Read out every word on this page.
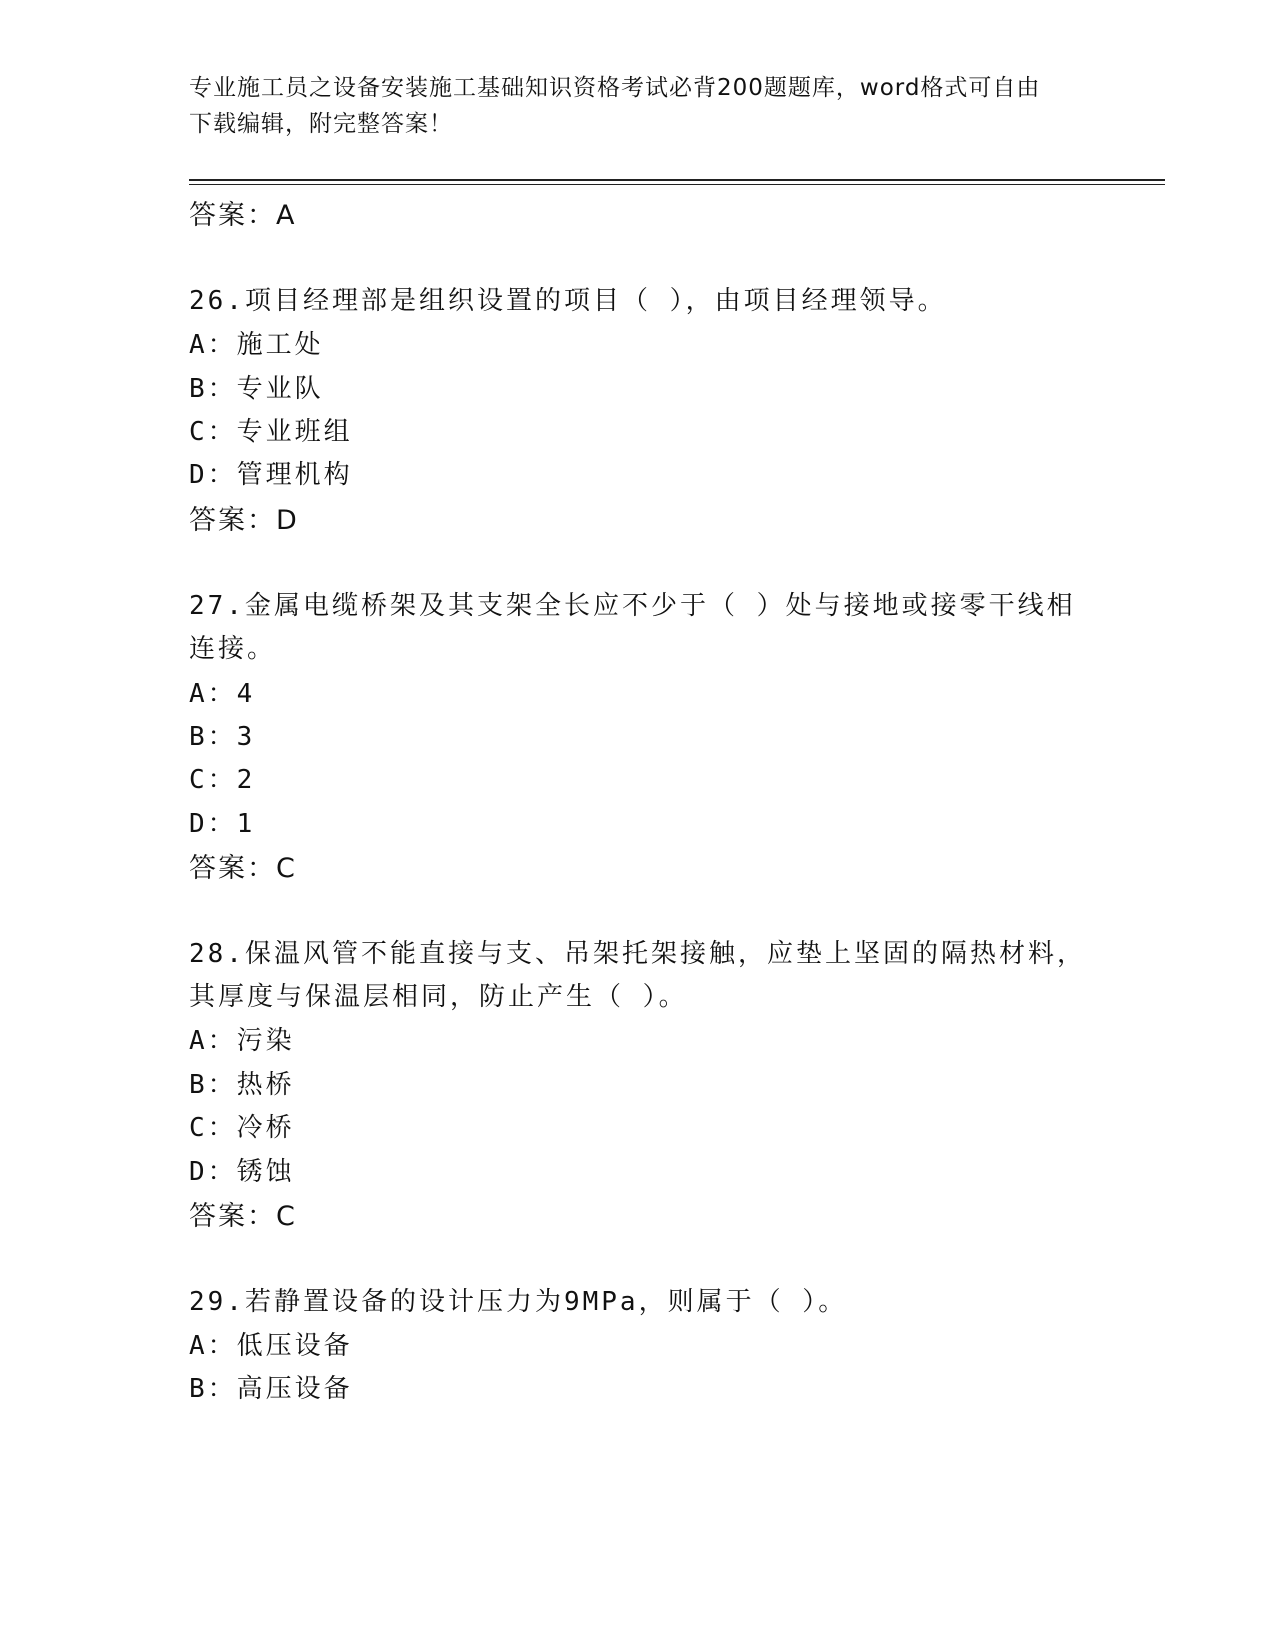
专业施工员之设备安装施工基础知识资格考试必背200题题库，word格式可自由
下载编辑，附完整答案！
答案：A
26.项目经理部是组织设置的项目（ ），由项目经理领导。
A：施工处
B：专业队
C：专业班组
D：管理机构
答案：D
27.金属电缆桥架及其支架全长应不少于（ ）处与接地或接零干线相
连接。
A：4
B：3
C：2
D：1
答案：C
28.保温风管不能直接与支、吊架托架接触，应垫上坚固的隔热材料，
其厚度与保温层相同，防止产生（ ）。
A：污染
B：热桥
C：冷桥
D：锈蚀
答案：C
29.若静置设备的设计压力为9MPa，则属于（ ）。
A：低压设备
B：高压设备
